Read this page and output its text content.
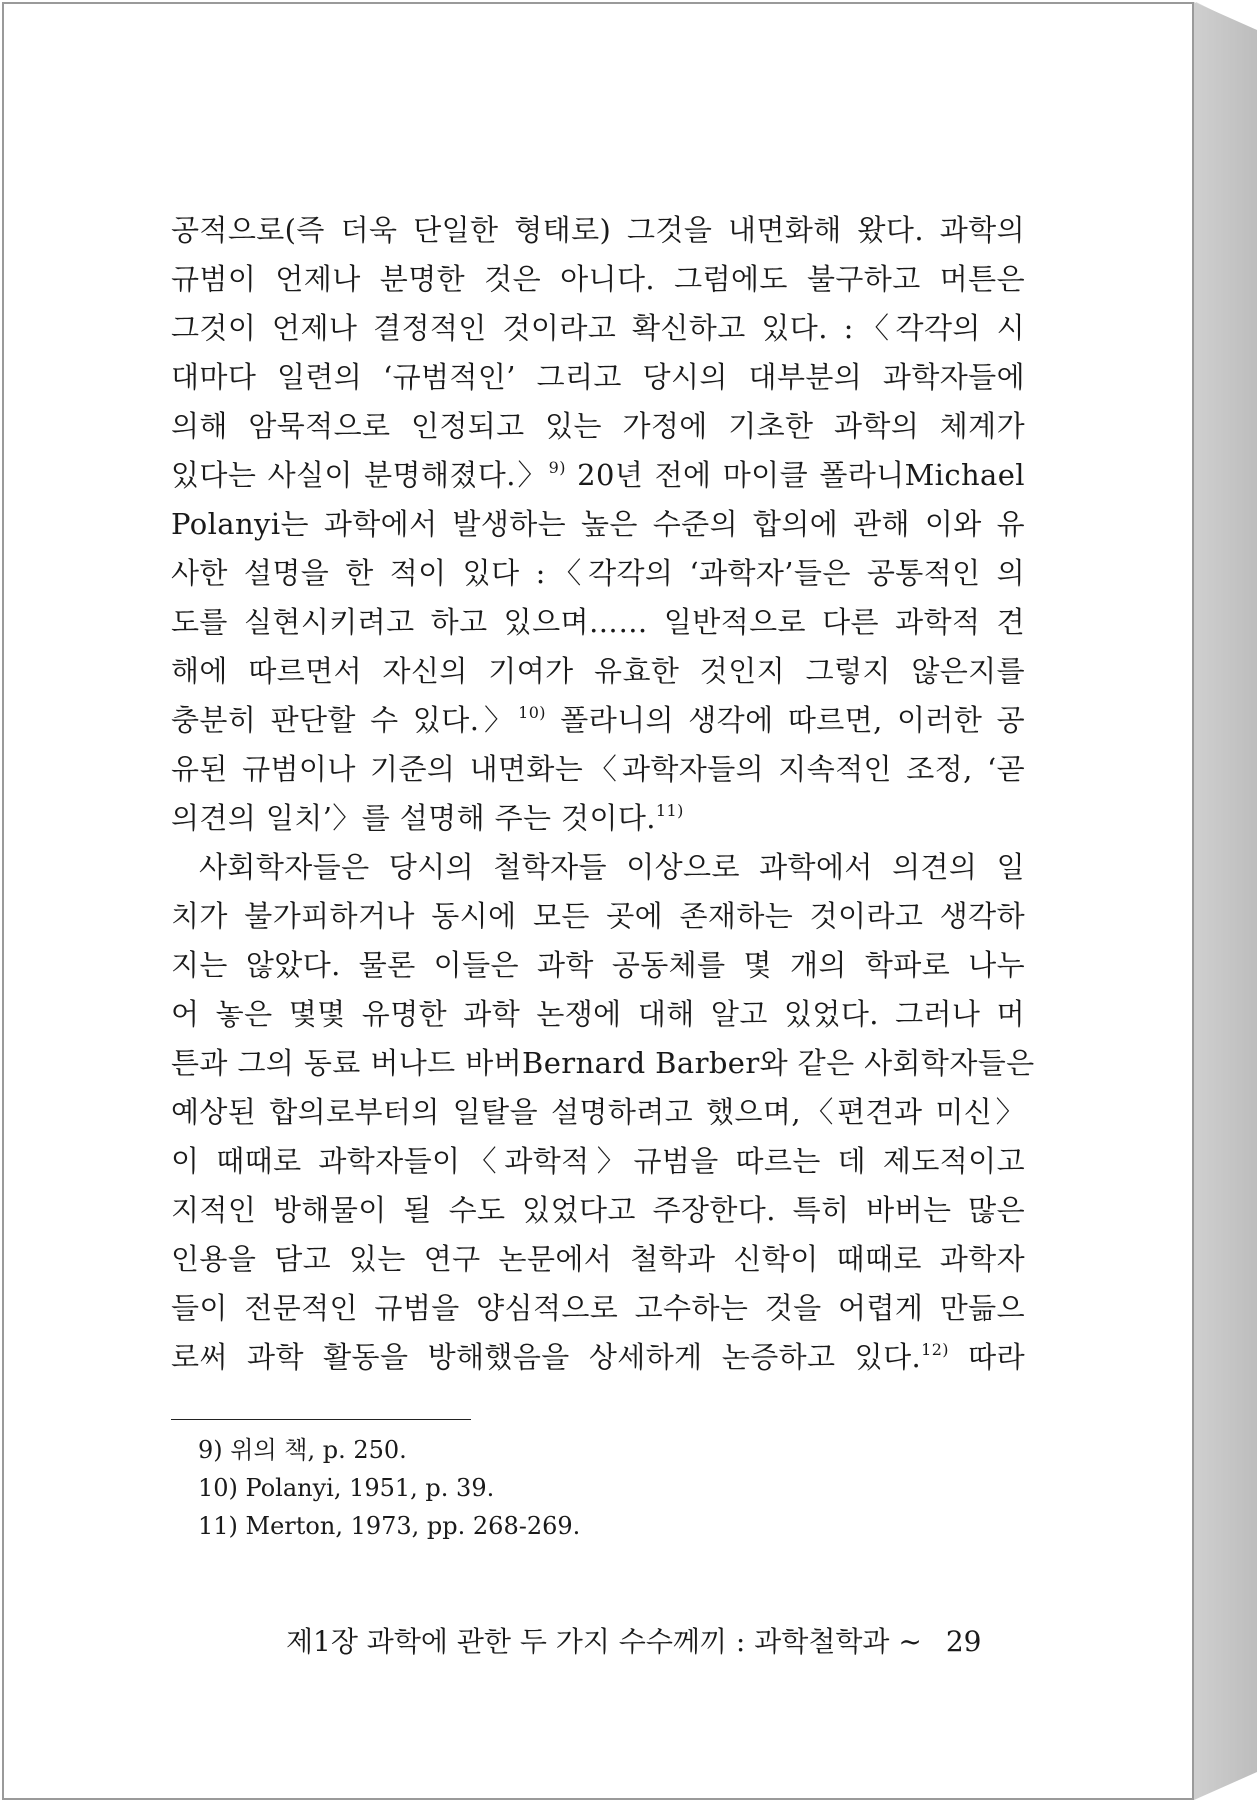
공적으로(즉 더욱 단일한 형태로) 그것을 내면화해 왔다. 과학의
규범이 언제나 분명한 것은 아니다. 그럼에도 불구하고 머튼은
그것이 언제나 결정적인 것이라고 확신하고 있다. :〈각각의 시
대마다 일련의 ‘규범적인’ 그리고 당시의 대부분의 과학자들에
의해 암묵적으로 인정되고 있는 가정에 기초한 과학의 체계가
있다는 사실이 분명해졌다.〉$^{9)}$ 20년 전에 마이클 폴라니Michael
Polanyi는 과학에서 발생하는 높은 수준의 합의에 관해 이와 유
사한 설명을 한 적이 있다 :〈각각의 ‘과학자’들은 공통적인 의
도를 실현시키려고 하고 있으며…… 일반적으로 다른 과학적 견
해에 따르면서 자신의 기여가 유효한 것인지 그렇지 않은지를
충분히 판단할 수 있다.〉$^{10)}$ 폴라니의 생각에 따르면, 이러한 공
유된 규범이나 기준의 내면화는〈과학자들의 지속적인 조정, ‘곧
의견의 일치’〉를 설명해 주는 것이다.$^{11)}$
사회학자들은 당시의 철학자들 이상으로 과학에서 의견의 일
치가 불가피하거나 동시에 모든 곳에 존재하는 것이라고 생각하
지는 않았다. 물론 이들은 과학 공동체를 몇 개의 학파로 나누
어 놓은 몇몇 유명한 과학 논쟁에 대해 알고 있었다. 그러나 머
튼과 그의 동료 버나드 바버Bernard Barber와 같은 사회학자들은
예상된 합의로부터의 일탈을 설명하려고 했으며,〈편견과 미신〉
이 때때로 과학자들이〈과학적〉규범을 따르는 데 제도적이고
지적인 방해물이 될 수도 있었다고 주장한다. 특히 바버는 많은
인용을 담고 있는 연구 논문에서 철학과 신학이 때때로 과학자
들이 전문적인 규범을 양심적으로 고수하는 것을 어렵게 만듦으
로써 과학 활동을 방해했음을 상세하게 논증하고 있다.$^{12)}$ 따라
9) 위의 책, p. 250.
10) Polanyi, 1951, p. 39.
11) Merton, 1973, pp. 268-269.
제1장 과학에 관한 두 가지 수수께끼 : 과학철학과 ~ 29
